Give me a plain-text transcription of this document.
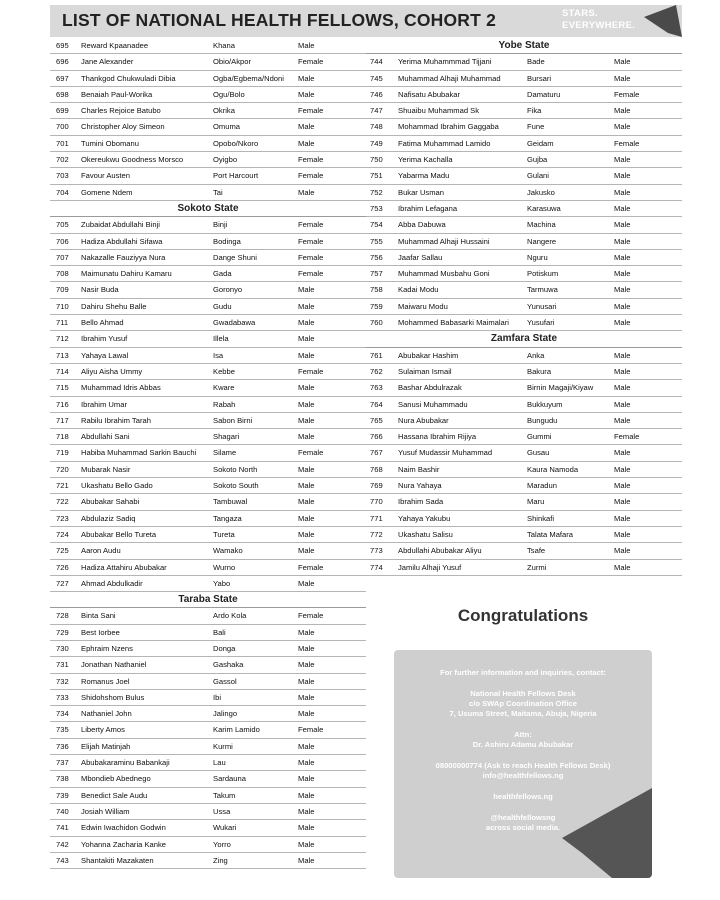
LIST OF NATIONAL HEALTH FELLOWS, COHORT 2	STARS.
EVERYWHERE.
695	Reward Kpaanadee	Khana	Male
696	Jane Alexander	Obio/Akpor	Female
697	Thankgod Chukwuladi Dibia	Ogba/Egbema/Ndoni	Male
698	Benaiah Paul-Worika	Ogu/Bolo	Male
699	Charles Rejoice Batubo	Okrika	Female
700	Christopher Aloy Simeon	Omuma	Male
701	Tumini Obomanu	Opobo/Nkoro	Male
702	Okereukwu Goodness Morsco	Oyigbo	Female
703	Favour Austen	Port Harcourt	Female
704	Gomene Ndem	Tai	Male
Sokoto State
705	Zubaidat Abdullahi Binji	Binji	Female
706	Hadiza Abdullahi Sifawa	Bodinga	Female
707	Nakazalle Fauziyya Nura	Dange Shuni	Female
708	Maimunatu Dahiru Kamaru	Gada	Female
709	Nasir Buda	Goronyo	Male
710	Dahiru Shehu Balle	Gudu	Male
711	Bello Ahmad	Gwadabawa	Male
712	Ibrahim Yusuf	Illela	Male
713	Yahaya Lawal	Isa	Male
714	Aliyu Aisha Ummy	Kebbe	Female
715	Muhammad Idris Abbas	Kware	Male
716	Ibrahim Umar	Rabah	Male
717	Rabilu Ibrahim Tarah	Sabon Birni	Male
718	Abdullahi Sani	Shagari	Male
719	Habiba Muhammad Sarkin Bauchi	Silame	Female
720	Mubarak Nasir	Sokoto North	Male
721	Ukashatu Bello Gado	Sokoto South	Male
722	Abubakar Sahabi	Tambuwal	Male
723	Abdulaziz Sadiq	Tangaza	Male
724	Abubakar Bello Tureta	Tureta	Male
725	Aaron Audu	Wamako	Male
726	Hadiza Attahiru Abubakar	Wurno	Female
727	Ahmad Abdulkadir	Yabo	Male
Taraba State
728	Binta Sani	Ardo Kola	Female
729	Best Iorbee	Bali	Male
730	Ephraim Nzens	Donga	Male
731	Jonathan Nathaniel	Gashaka	Male
732	Romanus Joel	Gassol	Male
733	Shidohshom Bulus	Ibi	Male
734	Nathaniel John	Jalingo	Male
735	Liberty Amos	Karim Lamido	Female
736	Elijah Matinjah	Kurmi	Male
737	Abubakaraminu Babankaji	Lau	Male
738	Mbondieb Abednego	Sardauna	Male
739	Benedict Sale Audu	Takum	Male
740	Josiah William	Ussa	Male
741	Edwin Iwachidon Godwin	Wukari	Male
742	Yohanna Zacharia Kanke	Yorro	Male
743	Shantakiti Mazakaten	Zing	Male
Yobe State
744	Yerima Muhammmad Tijjani	Bade	Male
745	Muhammad Alhaji Muhammad	Bursari	Male
746	Nafisatu Abubakar	Damaturu	Female
747	Shuaibu Muhammad Sk	Fika	Male
748	Mohammad Ibrahim Gaggaba	Fune	Male
749	Fatima Muhammad Lamido	Geidam	Female
750	Yerima Kachalla	Gujba	Male
751	Yabarma Madu	Gulani	Male
752	Bukar Usman	Jakusko	Male
753	Ibrahim Lefagana	Karasuwa	Male
754	Abba Dabuwa	Machina	Male
755	Muhammad Alhaji Hussaini	Nangere	Male
756	Jaafar Sallau	Nguru	Male
757	Muhammad Musbahu Goni	Potiskum	Male
758	Kadai Modu	Tarmuwa	Male
759	Maiwaru Modu	Yunusari	Male
760	Mohammed Babasarki Maimalari	Yusufari	Male
Zamfara State
761	Abubakar Hashim	Anka	Male
762	Sulaiman Ismail	Bakura	Male
763	Bashar Abdulrazak	Birnin Magaji/Kiyaw	Male
764	Sanusi Muhammadu	Bukkuyum	Male
765	Nura Abubakar	Bungudu	Male
766	Hassana Ibrahim Rijiya	Gummi	Female
767	Yusuf Mudassir Muhammad	Gusau	Male
768	Naim Bashir	Kaura Namoda	Male
769	Nura Yahaya	Maradun	Male
770	Ibrahim Sada	Maru	Male
771	Yahaya Yakubu	Shinkafi	Male
772	Ukashatu Salisu	Talata Mafara	Male
773	Abdullahi Abubakar Aliyu	Tsafe	Male
774	Jamilu Alhaji Yusuf	Zurmi	Male
Congratulations
For further information and inquiries, contact:
National Health Fellows Desk
c/o SWAp Coordination Office
7, Usuma Street, Maitama, Abuja, Nigeria
Attn:
Dr. Ashiru Adamu Abubakar
08000000774 (Ask to reach Health Fellows Desk)
info@healthfellows.ng
healthfellows.ng
@healthfellowsng
across social media.
